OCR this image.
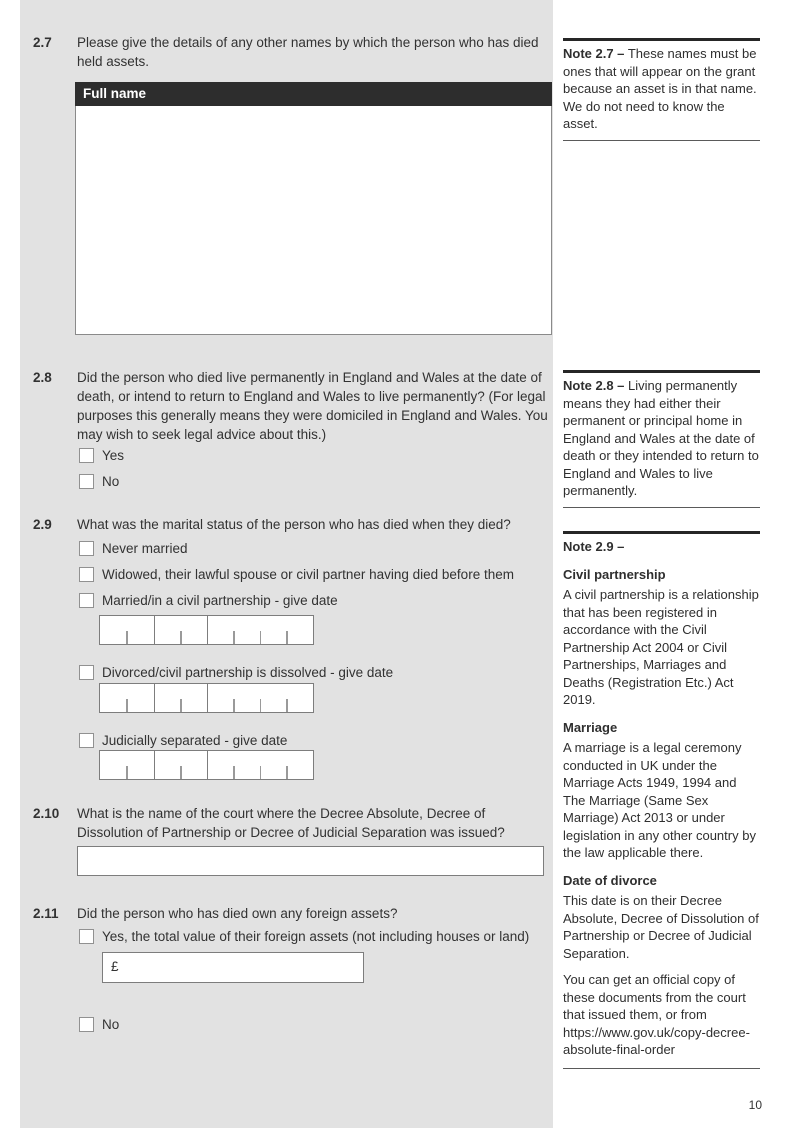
2.7 Please give the details of any other names by which the person who has died held assets.
Full name

Note 2.7 – These names must be ones that will appear on the grant because an asset is in that name. We do not need to know the asset.

2.8 Did the person who died live permanently in England and Wales at the date of death, or intend to return to England and Wales to live permanently? (For legal purposes this generally means they were domiciled in England and Wales. You may wish to seek legal advice about this.)
Yes
No

Note 2.8 – Living permanently means they had either their permanent or principal home in England and Wales at the date of death or they intended to return to England and Wales to live permanently.

2.9 What was the marital status of the person who has died when they died?
Never married
Widowed, their lawful spouse or civil partner having died before them
Married/in a civil partnership - give date
Divorced/civil partnership is dissolved - give date
Judicially separated - give date

Note 2.9 –

Civil partnership

A civil partnership is a relationship that has been registered in accordance with the Civil Partnership Act 2004 or Civil Partnerships, Marriages and Deaths (Registration Etc.) Act 2019.

Marriage

A marriage is a legal ceremony conducted in UK under the Marriage Acts 1949, 1994 and The Marriage (Same Sex Marriage) Act 2013 or under legislation in any other country by the law applicable there.

Date of divorce

This date is on their Decree Absolute, Decree of Dissolution of Partnership or Decree of Judicial Separation.

You can get an official copy of these documents from the court that issued them, or from https://www.gov.uk/copy-decree-absolute-final-order

2.10 What is the name of the court where the Decree Absolute, Decree of Dissolution of Partnership or Decree of Judicial Separation was issued?
2.11 Did the person who has died own any foreign assets?
Yes, the total value of their foreign assets (not including houses or land)
£
No
10
